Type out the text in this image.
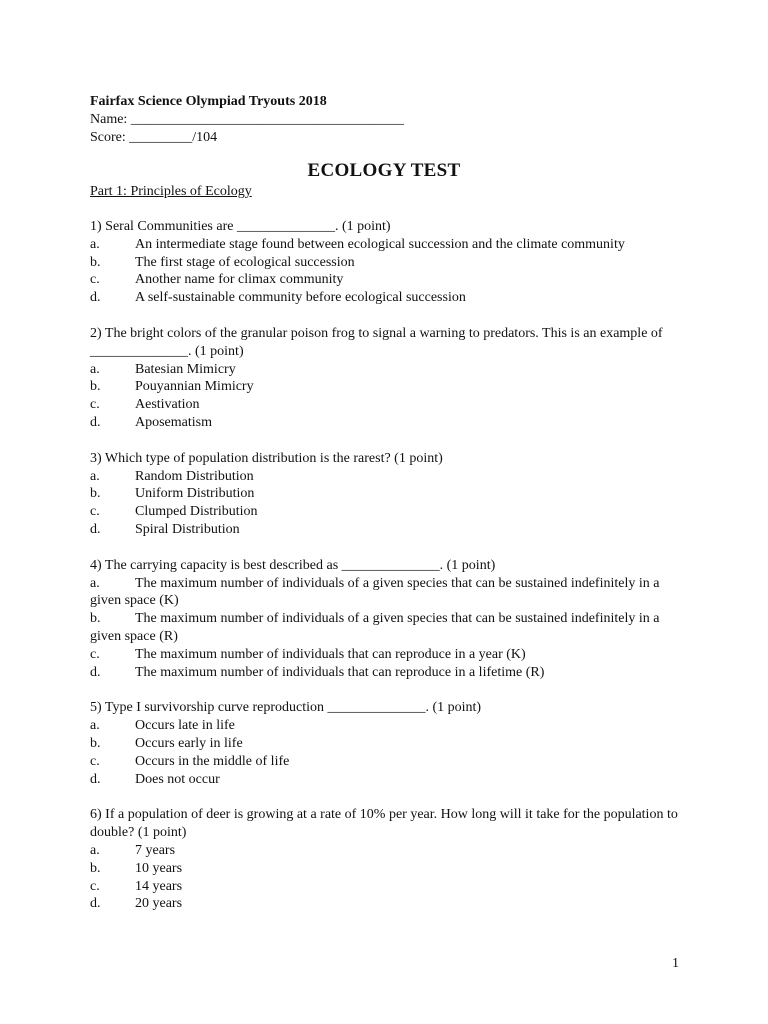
Fairfax Science Olympiad Tryouts 2018
Name: _______________________________________
Score: _________/104
ECOLOGY TEST
Part 1: Principles of Ecology
1) Seral Communities are ______________. (1 point)
a.	An intermediate stage found between ecological succession and the climate community
b.	The first stage of ecological succession
c.	Another name for climax community
d.	A self-sustainable community before ecological succession
2) The bright colors of the granular poison frog to signal a warning to predators. This is an example of ______________. (1 point)
a.	Batesian Mimicry
b.	Pouyannian Mimicry
c.	Aestivation
d.	Aposematism
3) Which type of population distribution is the rarest? (1 point)
a.	Random Distribution
b.	Uniform Distribution
c.	Clumped Distribution
d.	Spiral Distribution
4) The carrying capacity is best described as ______________. (1 point)
a.	The maximum number of individuals of a given species that can be sustained indefinitely in a given space (K)
b. The maximum number of individuals of a given species that can be sustained indefinitely in a given space (R)
c.	The maximum number of individuals that can reproduce in a year (K)
d.	The maximum number of individuals that can reproduce in a lifetime (R)
5) Type I survivorship curve reproduction ______________. (1 point)
a.	Occurs late in life
b.	Occurs early in life
c.	Occurs in the middle of life
d.	Does not occur
6) If a population of deer is growing at a rate of 10% per year. How long will it take for the population to double? (1 point)
a.	7 years
b.	10 years
c.	14 years
d.	20 years
1
